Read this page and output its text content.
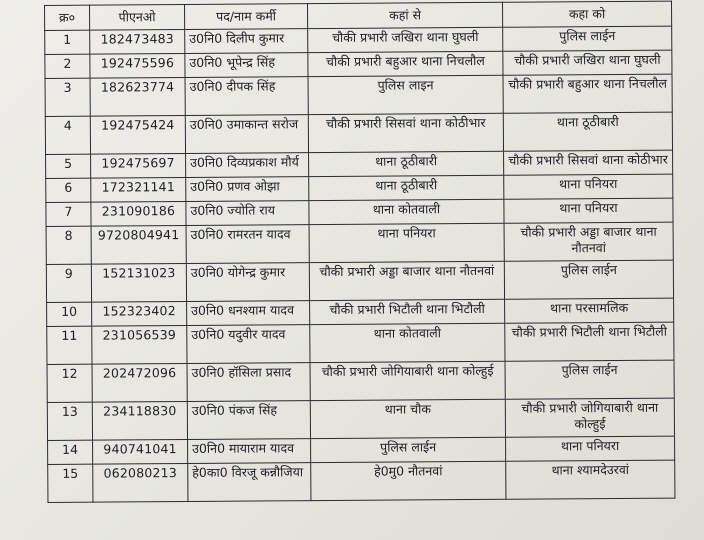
क्र०	पीएनओ	पद/नाम कर्मी	कहां से	कहा को
1	182473483	उ0नि0 दिलीप कुमार	चौकी प्रभारी जखिरा थाना घुघली	पुलिस लाईन
2	192475596	उ0नि0 भूपेन्द्र सिंह	चौकी प्रभारी बहुआर थाना निचलौल	चौकी प्रभारी जखिरा थाना घुघली
3	182623774	उ0नि0 दीपक सिंह	पुलिस लाइन	चौकी प्रभारी बहुआर थाना निचलौल
4	192475424	उ0नि0 उमाकान्त सरोज	चौकी प्रभारी सिसवां थाना कोठीभार	थाना ठूठीबारी
5	192475697	उ0नि0 दिव्यप्रकाश मौर्य	थाना ठूठीबारी	चौकी प्रभारी सिसवां थाना कोठीभार
6	172321141	उ0नि0 प्रणव ओझा	थाना ठूठीबारी	थाना पनियरा
7	231090186	उ0नि0 ज्योति राय	थाना कोतवाली	थाना पनियरा
8	9720804941	उ0नि0 रामरतन यादव	थाना पनियरा	चौकी प्रभारी अड्डा बाजार थाना नौतनवां
9	152131023	उ0नि0 योगेन्द्र कुमार	चौकी प्रभारी अड्डा बाजार थाना नौतनवां	पुलिस लाईन
10	152323402	उ0नि0 धनश्याम यादव	चौकी प्रभारी भिटौली थाना भिटौली	थाना परसामलिक
11	231056539	उ0नि0 यदुवीर यादव	थाना कोतवाली	चौकी प्रभारी भिटौली थाना भिटौली
12	202472096	उ0नि0 हॉसिला प्रसाद	चौकी प्रभारी जोगियाबारी थाना कोल्हुई	पुलिस लाईन
13	234118830	उ0नि0 पंकज सिंह	थाना चौक	चौकी प्रभारी जोगियाबारी थाना कोल्हुई
14	940741041	उ0नि0 मायाराम यादव	पुलिस लाईन	थाना पनियरा
15	062080213	हे0का0 विरजू कन्नौजिया	हे0मु0 नौतनवां	थाना श्यामदेउरवां
